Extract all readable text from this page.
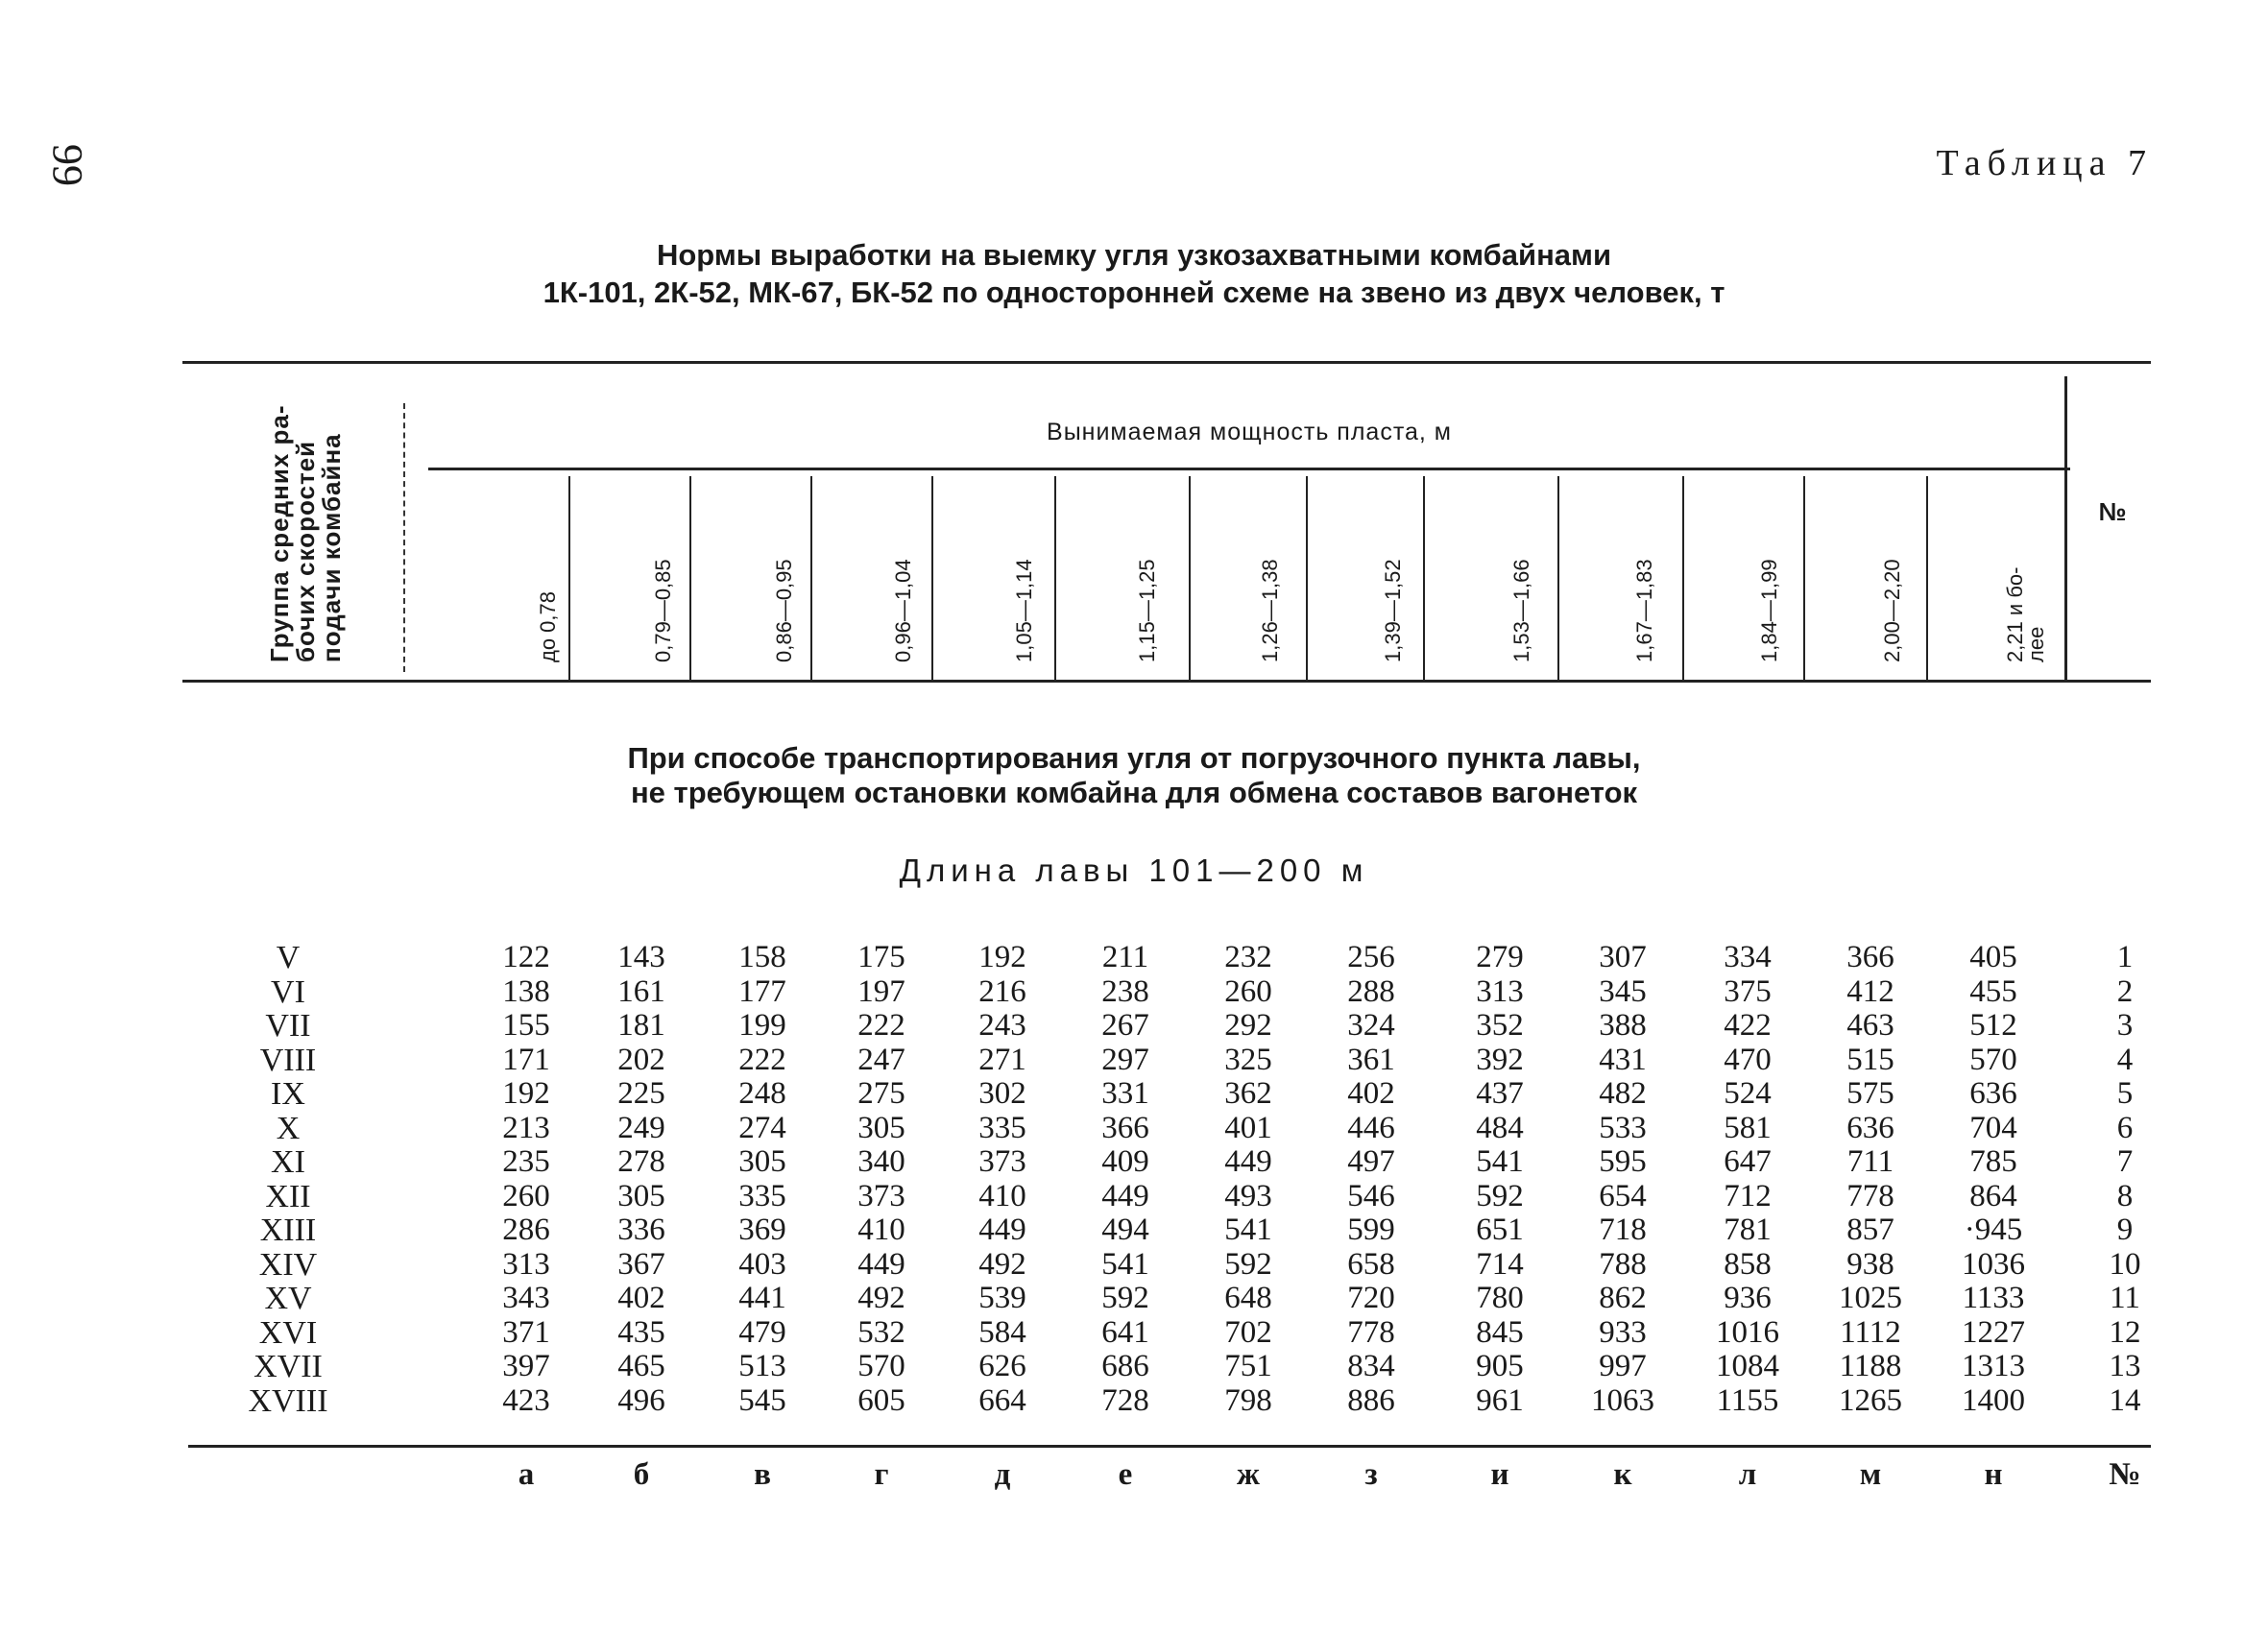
99	Таблица 7
Нормы выработки на выемку угля узкозахватными комбайнами
1К-101, 2К-52, МК-67, БК-52 по односторонней схеме на звено из двух человек, т
Группа средних ра-
бочих скоростей
подачи комбайна
Вынимаемая мощность пласта, м
№
до 0,78	0,79—0,85	0,86—0,95	0,96—1,04	1,05—1,14	1,15—1,25	1,26—1,38	1,39—1,52	1,53—1,66	1,67—1,83	1,84—1,99	2,00—2,20	2,21 и бо-
лее
При способе транспортирования угля от погрузочного пункта лавы,
не требующем остановки комбайна для обмена составов вагонеток
Длина лавы 101—200 м
V	122	143	158	175	192	211	232	256	279	307	334	366	405	1
VI	138	161	177	197	216	238	260	288	313	345	375	412	455	2
VII	155	181	199	222	243	267	292	324	352	388	422	463	512	3
VIII	171	202	222	247	271	297	325	361	392	431	470	515	570	4
IX	192	225	248	275	302	331	362	402	437	482	524	575	636	5
X	213	249	274	305	335	366	401	446	484	533	581	636	704	6
XI	235	278	305	340	373	409	449	497	541	595	647	711	785	7
XII	260	305	335	373	410	449	493	546	592	654	712	778	864	8
XIII	286	336	369	410	449	494	541	599	651	718	781	857	·945	9
XIV	313	367	403	449	492	541	592	658	714	788	858	938	1036	10
XV	343	402	441	492	539	592	648	720	780	862	936	1025	1133	11
XVI	371	435	479	532	584	641	702	778	845	933	1016	1112	1227	12
XVII	397	465	513	570	626	686	751	834	905	997	1084	1188	1313	13
XVIII	423	496	545	605	664	728	798	886	961	1063	1155	1265	1400	14
а	б	в	г	д	е	ж	з	и	к	л	м	н	№
